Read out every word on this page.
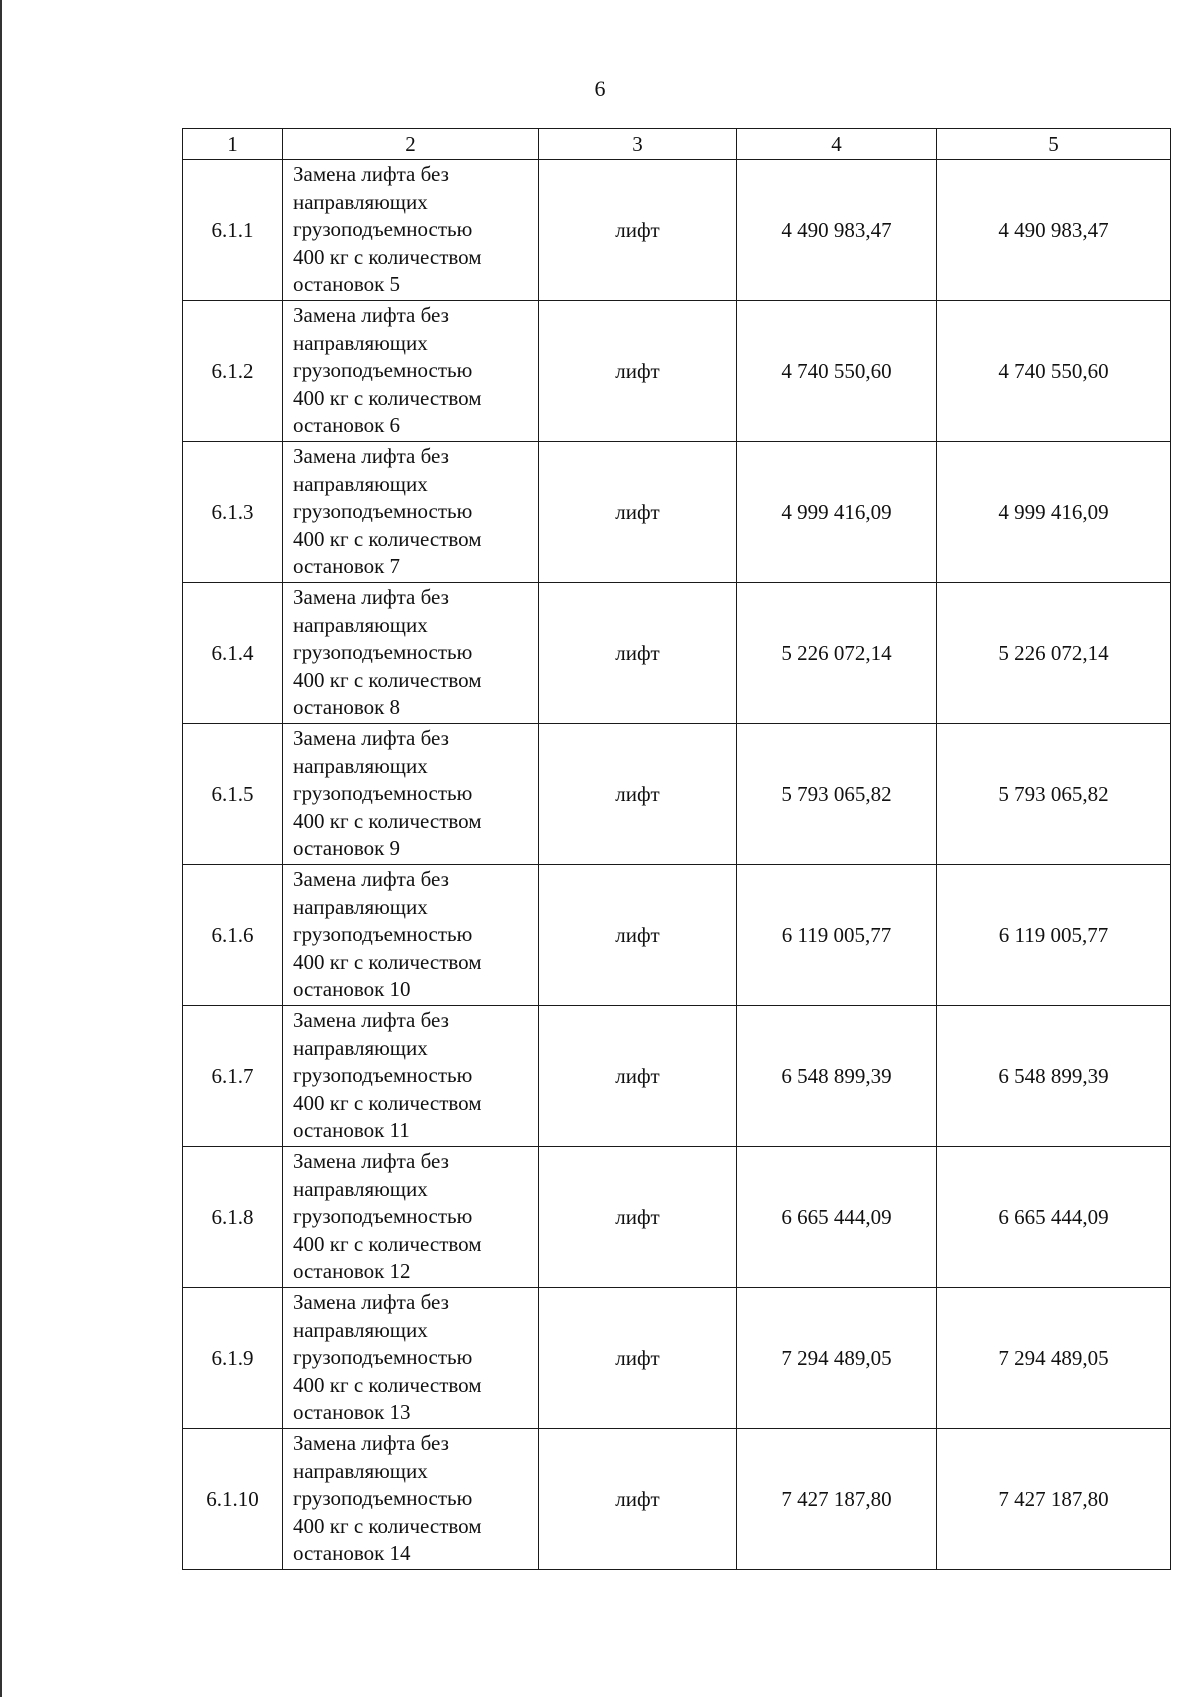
6
1	2	3	4	5
6.1.1	Замена лифта без
направляющих
грузоподъемностью
400 кг с количеством
остановок 5	лифт	4 490 983,47	4 490 983,47
6.1.2	Замена лифта без
направляющих
грузоподъемностью
400 кг с количеством
остановок 6	лифт	4 740 550,60	4 740 550,60
6.1.3	Замена лифта без
направляющих
грузоподъемностью
400 кг с количеством
остановок 7	лифт	4 999 416,09	4 999 416,09
6.1.4	Замена лифта без
направляющих
грузоподъемностью
400 кг с количеством
остановок 8	лифт	5 226 072,14	5 226 072,14
6.1.5	Замена лифта без
направляющих
грузоподъемностью
400 кг с количеством
остановок 9	лифт	5 793 065,82	5 793 065,82
6.1.6	Замена лифта без
направляющих
грузоподъемностью
400 кг с количеством
остановок 10	лифт	6 119 005,77	6 119 005,77
6.1.7	Замена лифта без
направляющих
грузоподъемностью
400 кг с количеством
остановок 11	лифт	6 548 899,39	6 548 899,39
6.1.8	Замена лифта без
направляющих
грузоподъемностью
400 кг с количеством
остановок 12	лифт	6 665 444,09	6 665 444,09
6.1.9	Замена лифта без
направляющих
грузоподъемностью
400 кг с количеством
остановок 13	лифт	7 294 489,05	7 294 489,05
6.1.10	Замена лифта без
направляющих
грузоподъемностью
400 кг с количеством
остановок 14	лифт	7 427 187,80	7 427 187,80
